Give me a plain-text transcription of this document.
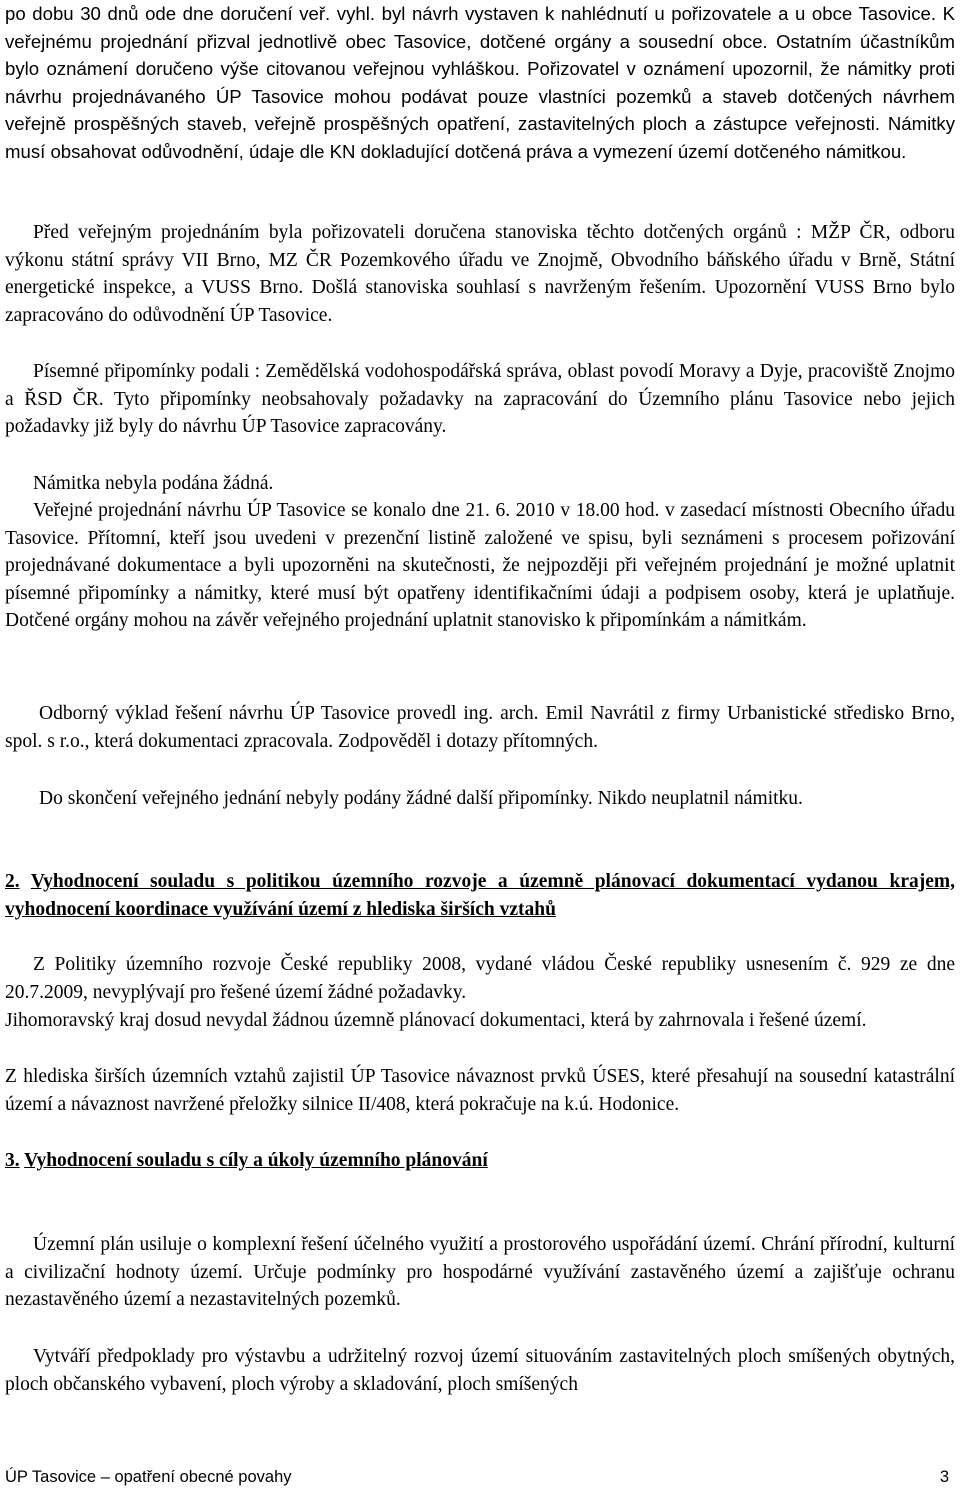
po dobu 30 dnů ode dne doručení veř. vyhl. byl návrh vystaven k nahlédnutí u pořizovatele a u obce Tasovice. K veřejnému projednání přizval jednotlivě obec Tasovice, dotčené orgány a sousední obce. Ostatním účastníkům bylo oznámení doručeno výše citovanou veřejnou vyhláškou. Pořizovatel v oznámení upozornil, že námitky proti návrhu projednávaného ÚP Tasovice mohou podávat pouze vlastníci pozemků a staveb dotčených návrhem veřejně prospěšných staveb, veřejně prospěšných opatření, zastavitelných ploch a zástupce veřejnosti. Námitky musí obsahovat odůvodnění, údaje dle KN dokladující dotčená práva a vymezení území dotčeného námitkou.

Před veřejným projednáním byla pořizovateli doručena stanoviska těchto dotčených orgánů : MŽP ČR, odboru výkonu státní správy VII Brno, MZ ČR Pozemkového úřadu ve Znojmě, Obvodního báňského úřadu v Brně, Státní energetické inspekce, a VUSS Brno. Došlá stanoviska souhlasí s navrženým řešením. Upozornění VUSS Brno bylo zapracováno do odůvodnění ÚP Tasovice.

Písemné připomínky podali : Zemědělská vodohospodářská správa, oblast povodí Moravy a Dyje, pracoviště Znojmo a ŘSD ČR. Tyto připomínky neobsahovaly požadavky na zapracování do Územního plánu Tasovice nebo jejich požadavky již byly do návrhu ÚP Tasovice zapracovány.

Námitka nebyla podána žádná.

Veřejné projednání návrhu ÚP Tasovice se konalo dne 21. 6. 2010 v 18.00 hod. v zasedací místnosti Obecního úřadu Tasovice. Přítomní, kteří jsou uvedeni v prezenční listině založené ve spisu, byli seznámeni s procesem pořizování projednávané dokumentace a byli upozorněni na skutečnosti, že nejpozději při veřejném projednání je možné uplatnit písemné připomínky a námitky, které musí být opatřeny identifikačními údaji a podpisem osoby, která je uplatňuje. Dotčené orgány mohou na závěr veřejného projednání uplatnit stanovisko k připomínkám a námitkám.

Odborný výklad řešení návrhu ÚP Tasovice provedl ing. arch. Emil Navrátil z firmy Urbanistické středisko Brno, spol. s r.o., která dokumentaci zpracovala. Zodpověděl i dotazy přítomných.

Do skončení veřejného jednání nebyly podány žádné další připomínky. Nikdo neuplatnil námitku.

2. Vyhodnocení souladu s politikou územního rozvoje a územně plánovací dokumentací vydanou krajem, vyhodnocení koordinace využívání území z hlediska širších vztahů

Z Politiky územního rozvoje České republiky 2008, vydané vládou České republiky usnesením č. 929 ze dne 20.7.2009, nevyplývají pro řešené území žádné požadavky.

Jihomoravský kraj dosud nevydal žádnou územně plánovací dokumentaci, která by zahrnovala i řešené území.

Z hlediska širších územních vztahů zajistil ÚP Tasovice návaznost prvků ÚSES, které přesahují na sousední katastrální území a návaznost navržené přeložky silnice II/408, která pokračuje na k.ú. Hodonice.

3. Vyhodnocení souladu s cíly a úkoly územního plánování

Územní plán usiluje o komplexní řešení účelného využití a prostorového uspořádání území. Chrání přírodní, kulturní a civilizační hodnoty území. Určuje podmínky pro hospodárné využívání zastavěného území a zajišťuje ochranu nezastavěného území a nezastavitelných pozemků.

Vytváří předpoklady pro výstavbu a udržitelný rozvoj území situováním zastavitelných ploch smíšených obytných, ploch občanského vybavení, ploch výroby a skladování, ploch smíšených

ÚP Tasovice – opatření obecné povahy	3
